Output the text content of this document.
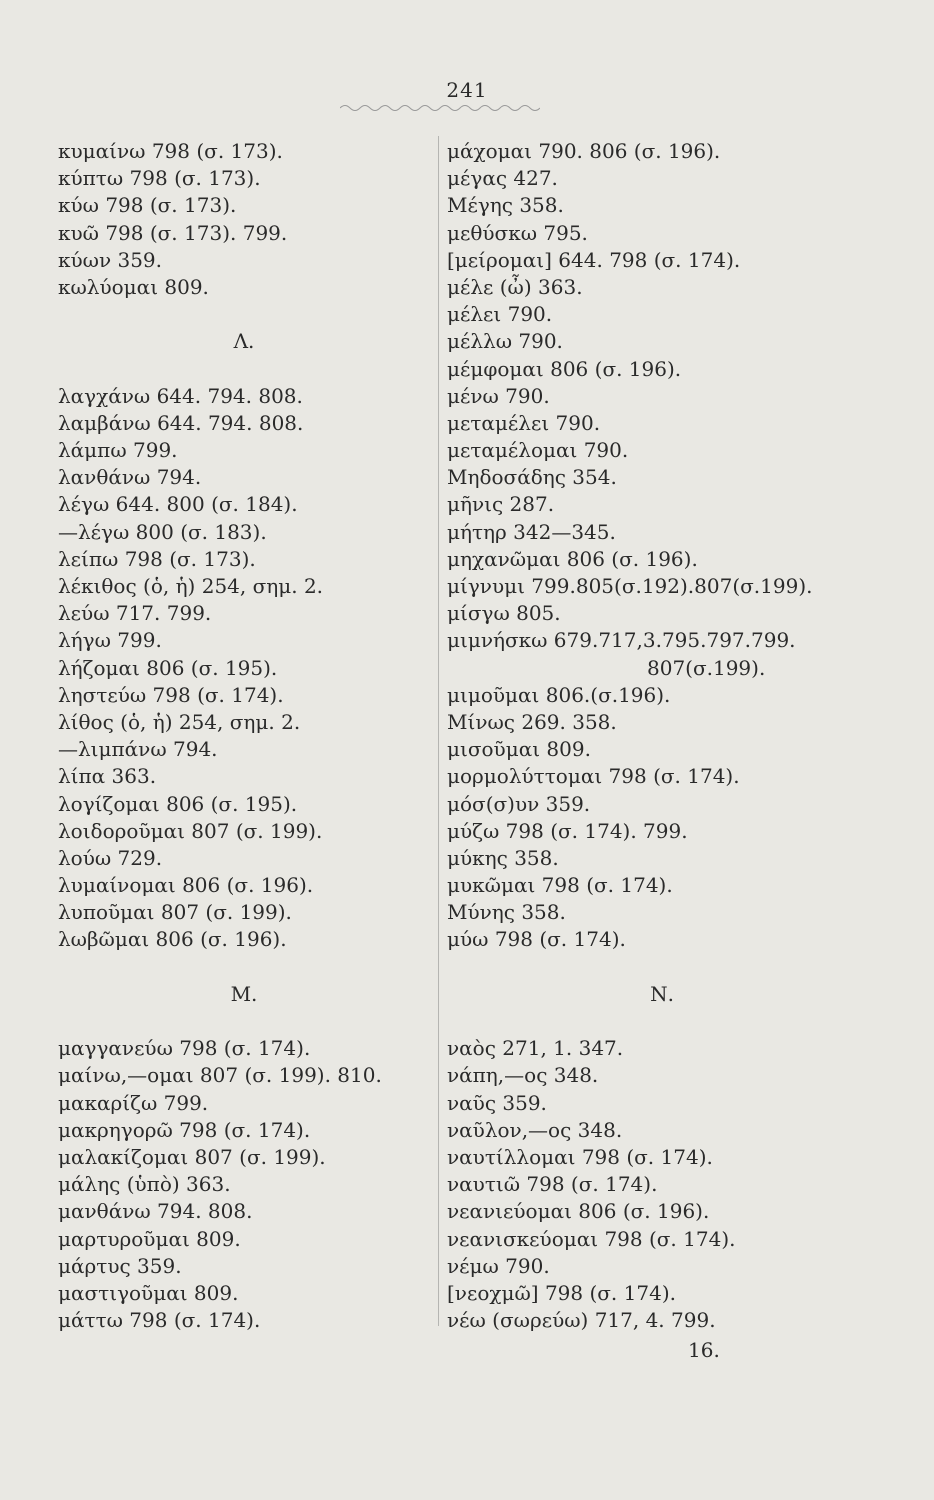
241
κυμαίνω 798 (σ. 173).
κύπτω 798 (σ. 173).
κύω 798 (σ. 173).
κυῶ 798 (σ. 173). 799.
κύων 359.
κωλύομαι 809.
Λ.
λαγχάνω 644. 794. 808.
λαμβάνω 644. 794. 808.
λάμπω 799.
λανθάνω 794.
λέγω 644. 800 (σ. 184).
—λέγω 800 (σ. 183).
λείπω 798 (σ. 173).
λέκιθος (ὁ, ἡ) 254, σημ. 2.
λεύω 717. 799.
λήγω 799.
λήζομαι 806 (σ. 195).
ληστεύω 798 (σ. 174).
λίθος (ὁ, ἡ) 254, σημ. 2.
—λιμπάνω 794.
λίπα 363.
λογίζομαι 806 (σ. 195).
λοιδοροῦμαι 807 (σ. 199).
λούω 729.
λυμαίνομαι 806 (σ. 196).
λυποῦμαι 807 (σ. 199).
λωβῶμαι 806 (σ. 196).
Μ.
μαγγανεύω 798 (σ. 174).
μαίνω,—ομαι 807 (σ. 199). 810.
μακαρίζω 799.
μακρηγορῶ 798 (σ. 174).
μαλακίζομαι 807 (σ. 199).
μάλης (ὑπὸ) 363.
μανθάνω 794. 808.
μαρτυροῦμαι 809.
μάρτυς 359.
μαστιγοῦμαι 809.
μάττω 798 (σ. 174).
μάχομαι 790. 806 (σ. 196).
μέγας 427.
Μέγης 358.
μεθύσκω 795.
[μείρομαι] 644. 798 (σ. 174).
μέλε (ὦ) 363.
μέλει 790.
μέλλω 790.
μέμφομαι 806 (σ. 196).
μένω 790.
μεταμέλει 790.
μεταμέλομαι 790.
Μηδοσάδης 354.
μῆνις 287.
μήτηρ 342—345.
μηχανῶμαι 806 (σ. 196).
μίγνυμι 799.805(σ.192).807(σ.199).
μίσγω 805.
μιμνήσκω 679.717,3.795.797.799.
807(σ.199).
μιμοῦμαι 806.(σ.196).
Μίνως 269. 358.
μισοῦμαι 809.
μορμολύττομαι 798 (σ. 174).
μόσ(σ)υν 359.
μύζω 798 (σ. 174). 799.
μύκης 358.
μυκῶμαι 798 (σ. 174).
Μύνης 358.
μύω 798 (σ. 174).
Ν.
ναὸς 271, 1. 347.
νάπη,—ος 348.
ναῦς 359.
ναῦλον,—ος 348.
ναυτίλλομαι 798 (σ. 174).
ναυτιῶ 798 (σ. 174).
νεανιεύομαι 806 (σ. 196).
νεανισκεύομαι 798 (σ. 174).
νέμω 790.
[νεοχμῶ] 798 (σ. 174).
νέω (σωρεύω) 717, 4. 799.
16.
